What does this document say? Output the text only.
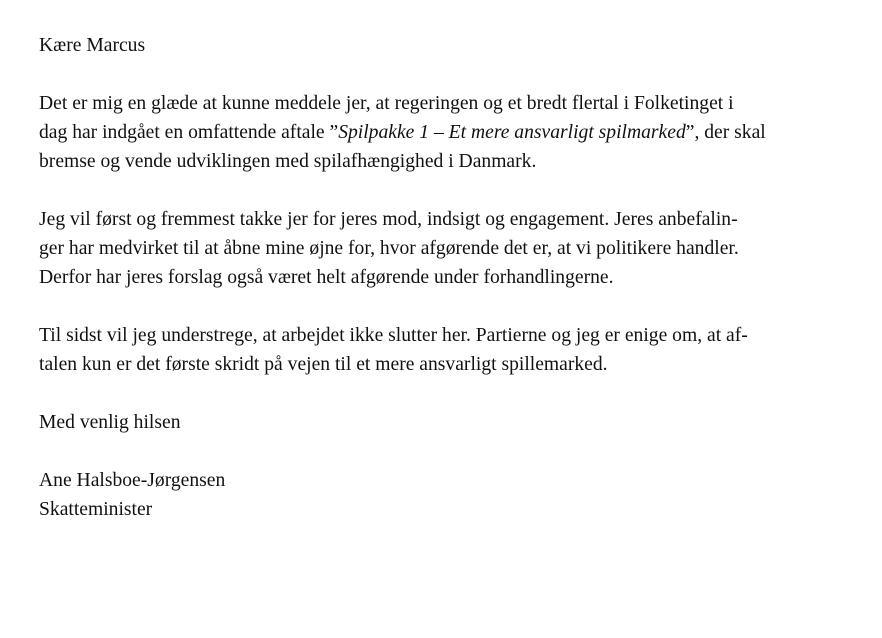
Kære Marcus

Det er mig en glæde at kunne meddele jer, at regeringen og et bredt flertal i Folketinget i
dag har indgået en omfattende aftale ”Spilpakke 1 – Et mere ansvarligt spilmarked”, der skal
bremse og vende udviklingen med spilafhængighed i Danmark.

Jeg vil først og fremmest takke jer for jeres mod, indsigt og engagement. Jeres anbefalin-
ger har medvirket til at åbne mine øjne for, hvor afgørende det er, at vi politikere handler.
Derfor har jeres forslag også været helt afgørende under forhandlingerne.

Til sidst vil jeg understrege, at arbejdet ikke slutter her. Partierne og jeg er enige om, at af-
talen kun er det første skridt på vejen til et mere ansvarligt spillemarked.

Med venlig hilsen

Ane Halsboe-Jørgensen
Skatteminister
